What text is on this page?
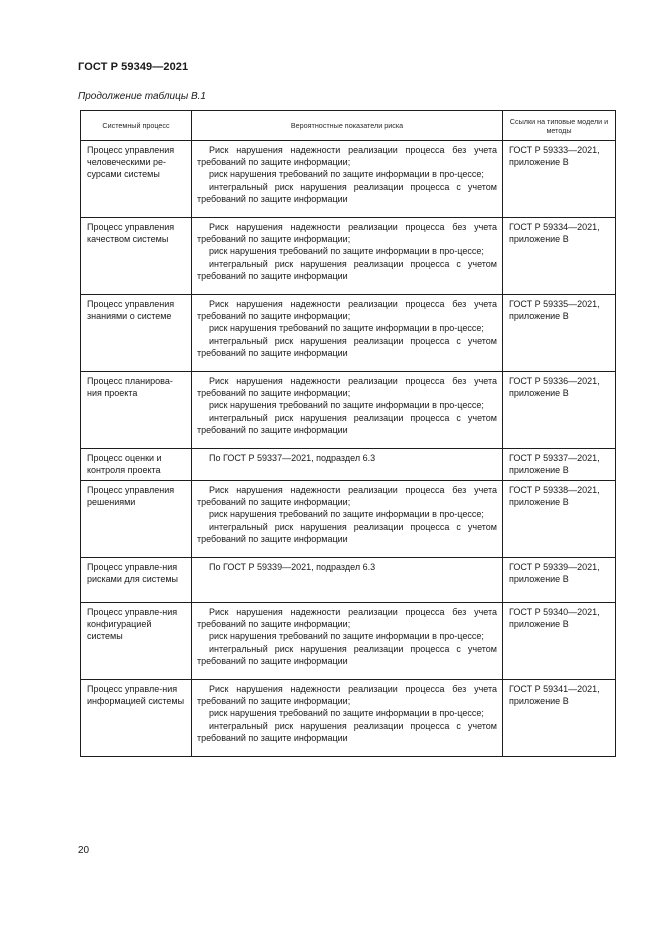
ГОСТ Р 59349—2021
Продолжение таблицы В.1
Системный процесс	Вероятностные показатели риска	Ссылки на типовые модели и методы
Процесс управления человеческими ре-сурсами системы	Риск нарушения надежности реализации процесса без учета требований по защите информации;

риск нарушения требований по защите информации в про-цессе;

интегральный риск нарушения реализации процесса с учетом требований по защите информации	ГОСТ Р 59333—2021, приложение В
Процесс управления качеством системы	Риск нарушения надежности реализации процесса без учета требований по защите информации;

риск нарушения требований по защите информации в про-цессе;

интегральный риск нарушения реализации процесса с учетом требований по защите информации	ГОСТ Р 59334—2021, приложение В
Процесс управления знаниями о системе	Риск нарушения надежности реализации процесса без учета требований по защите информации;

риск нарушения требований по защите информации в про-цессе;

интегральный риск нарушения реализации процесса с учетом требований по защите информации	ГОСТ Р 59335—2021, приложение В
Процесс планирова-ния проекта	Риск нарушения надежности реализации процесса без учета требований по защите информации;

риск нарушения требований по защите информации в про-цессе;

интегральный риск нарушения реализации процесса с учетом требований по защите информации	ГОСТ Р 59336—2021, приложение В
Процесс оценки и контроля проекта	По ГОСТ Р 59337—2021, подраздел 6.3	ГОСТ Р 59337—2021, приложение В
Процесс управления решениями	Риск нарушения надежности реализации процесса без учета требований по защите информации;

риск нарушения требований по защите информации в про-цессе;

интегральный риск нарушения реализации процесса с учетом требований по защите информации	ГОСТ Р 59338—2021, приложение В
Процесс управле-ния рисками для системы	По ГОСТ Р 59339—2021, подраздел 6.3	ГОСТ Р 59339—2021, приложение В
Процесс управле-ния конфигурацией системы	Риск нарушения надежности реализации процесса без учета требований по защите информации;

риск нарушения требований по защите информации в про-цессе;

интегральный риск нарушения реализации процесса с учетом требований по защите информации	ГОСТ Р 59340—2021, приложение В
Процесс управле-ния информацией системы	Риск нарушения надежности реализации процесса без учета требований по защите информации;

риск нарушения требований по защите информации в про-цессе;

интегральный риск нарушения реализации процесса с учетом требований по защите информации	ГОСТ Р 59341—2021, приложение В
20
